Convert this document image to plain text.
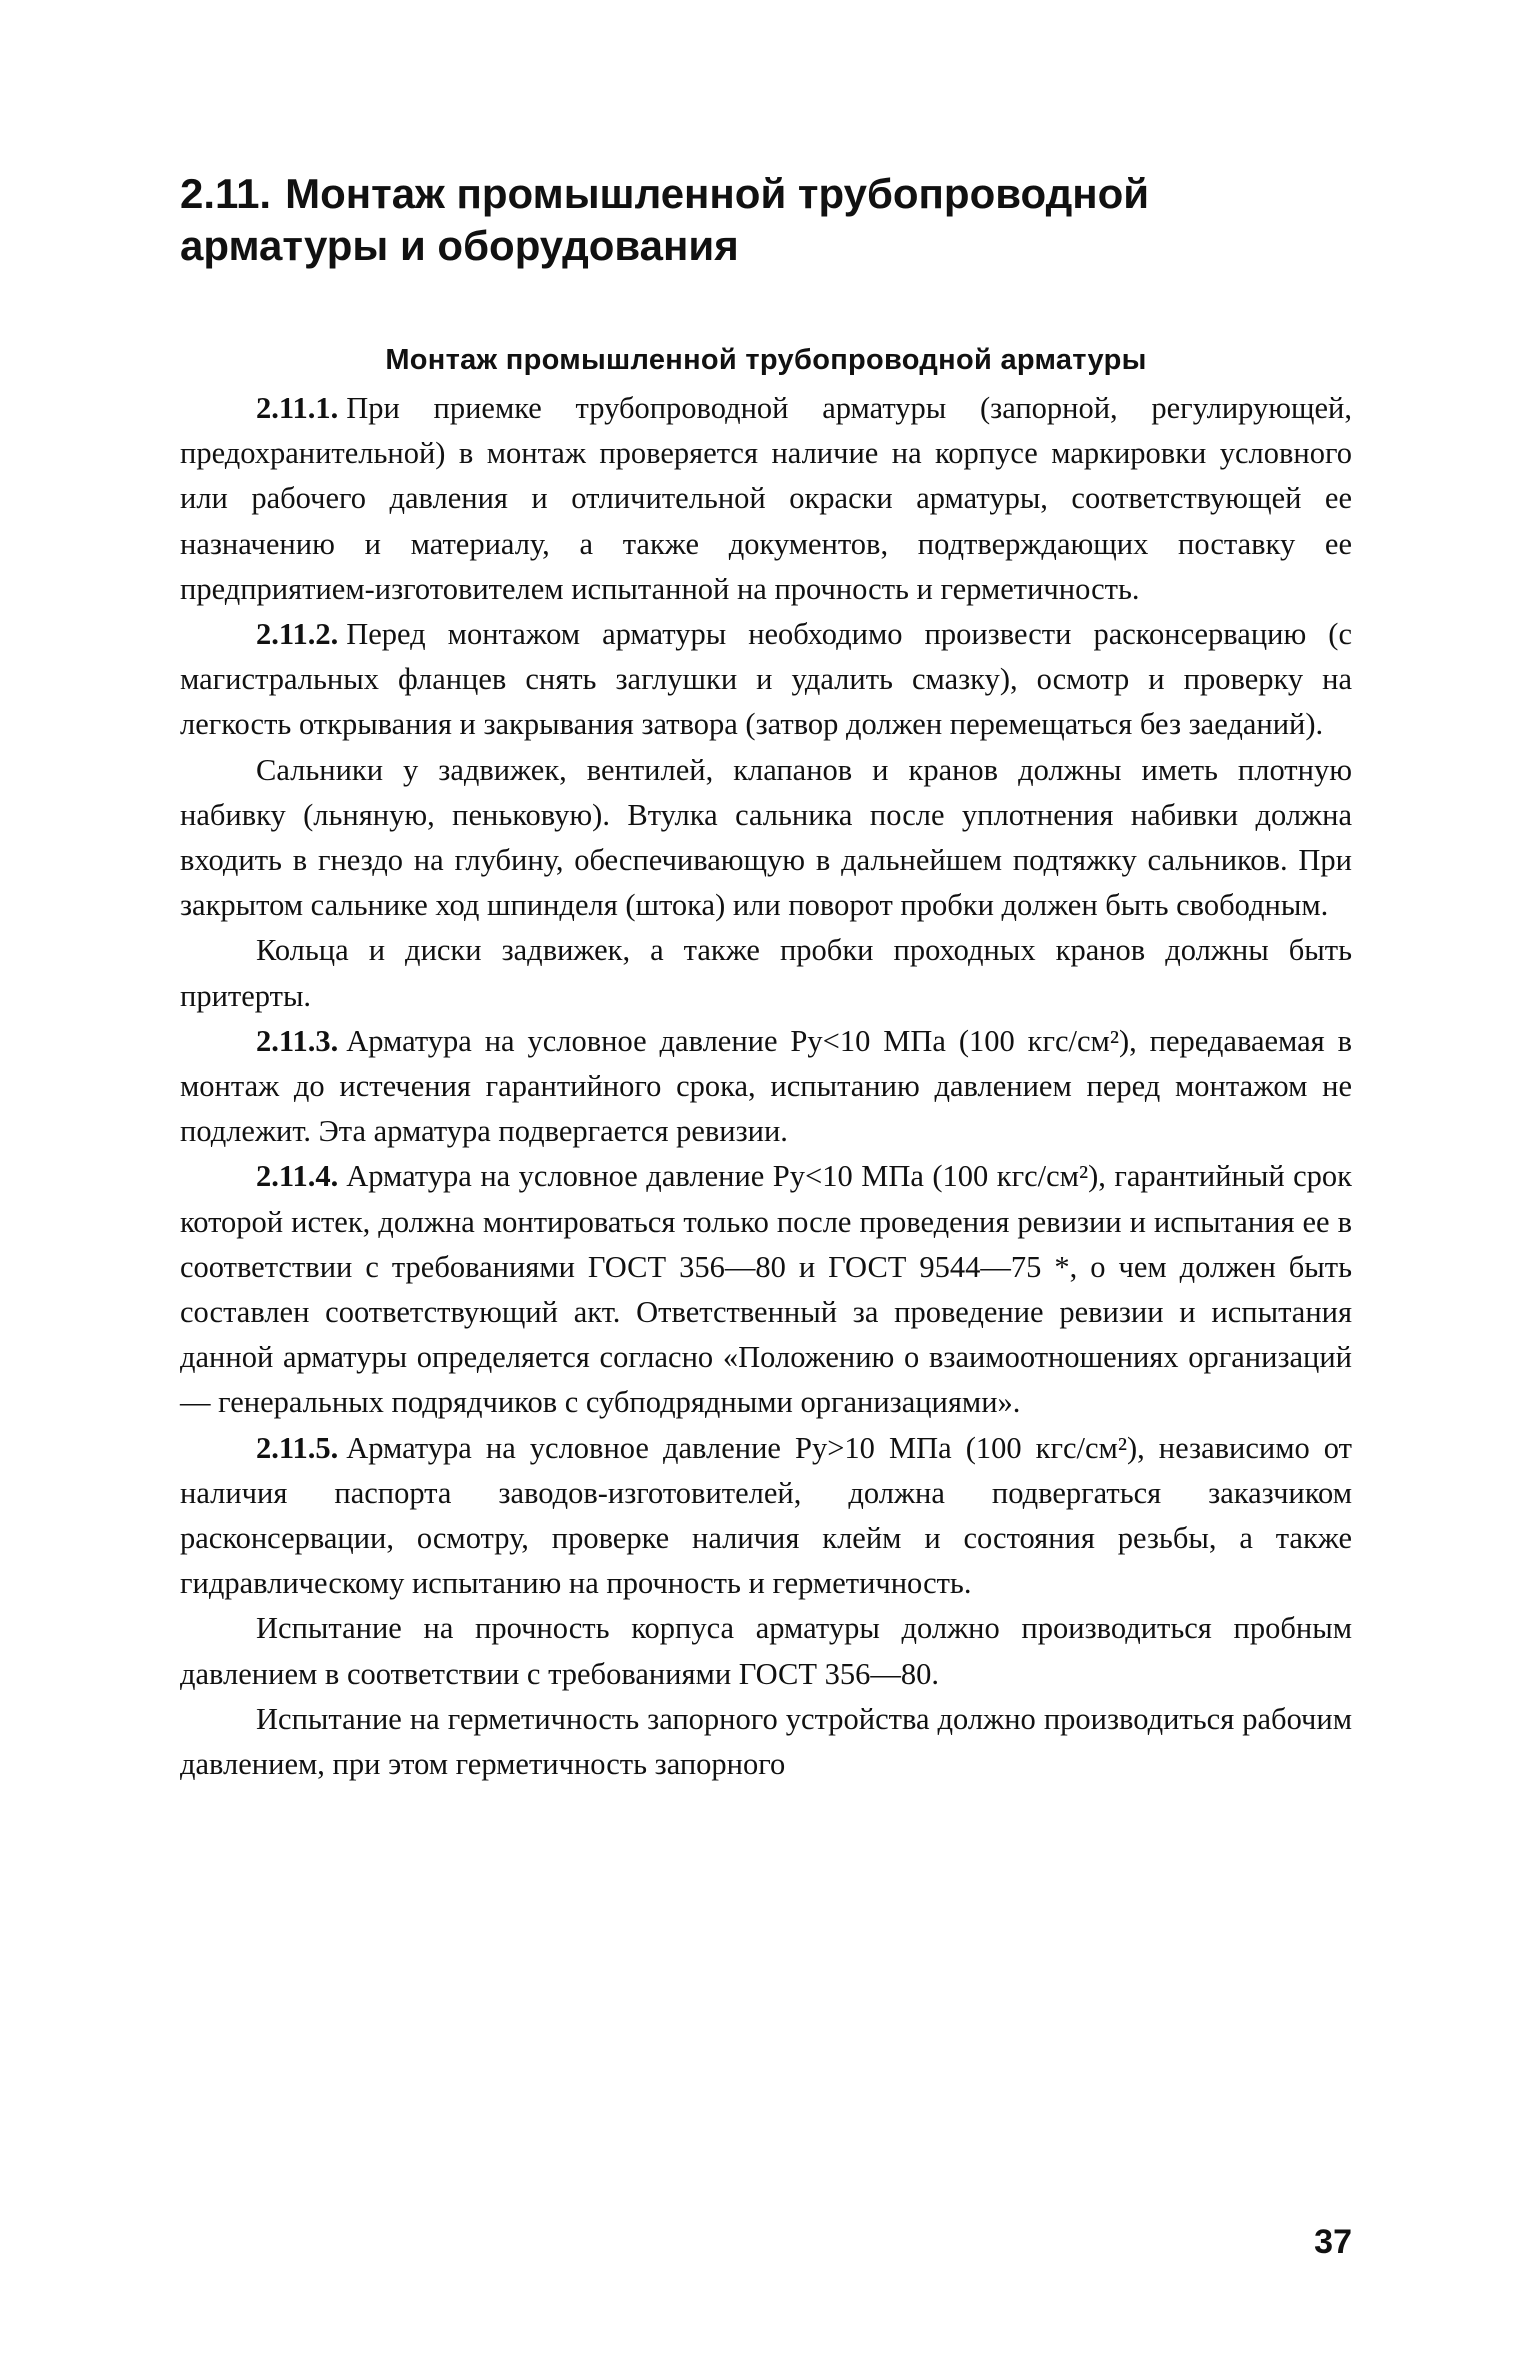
2.11. Монтаж промышленной трубопроводной арматуры и оборудования
Монтаж промышленной трубопроводной арматуры

2.11.1. При приемке трубопроводной арматуры (запорной, регулирующей, предохранительной) в монтаж проверяется наличие на корпусе маркировки условного или рабочего давления и отличительной окраски арматуры, соответствующей ее назначению и материалу, а также документов, подтверждающих поставку ее предприятием-изготовителем испытанной на прочность и герметичность.

2.11.2. Перед монтажом арматуры необходимо произвести расконсервацию (с магистральных фланцев снять заглушки и удалить смазку), осмотр и проверку на легкость открывания и закрывания затвора (затвор должен перемещаться без заеданий).

Сальники у задвижек, вентилей, клапанов и кранов должны иметь плотную набивку (льняную, пеньковую). Втулка сальника после уплотнения набивки должна входить в гнездо на глубину, обеспечивающую в дальнейшем подтяжку сальников. При закрытом сальнике ход шпинделя (штока) или поворот пробки должен быть свободным.

Кольца и диски задвижек, а также пробки проходных кранов должны быть притерты.

2.11.3. Арматура на условное давление Pу<10 МПа (100 кгс/см²), передаваемая в монтаж до истечения гарантийного срока, испытанию давлением перед монтажом не подлежит. Эта арматура подвергается ревизии.

2.11.4. Арматура на условное давление Pу<10 МПа (100 кгс/см²), гарантийный срок которой истек, должна монтироваться только после проведения ревизии и испытания ее в соответствии с требованиями ГОСТ 356—80 и ГОСТ 9544—75 *, о чем должен быть составлен соответствующий акт. Ответственный за проведение ревизии и испытания данной арматуры определяется согласно «Положению о взаимоотношениях организаций — генеральных подрядчиков с субподрядными организациями».

2.11.5. Арматура на условное давление Pу>10 МПа (100 кгс/см²), независимо от наличия паспорта заводов-изготовителей, должна подвергаться заказчиком расконсервации, осмотру, проверке наличия клейм и состояния резьбы, а также гидравлическому испытанию на прочность и герметичность.

Испытание на прочность корпуса арматуры должно производиться пробным давлением в соответствии с требованиями ГОСТ 356—80.

Испытание на герметичность запорного устройства должно производиться рабочим давлением, при этом герметичность запорного

37
